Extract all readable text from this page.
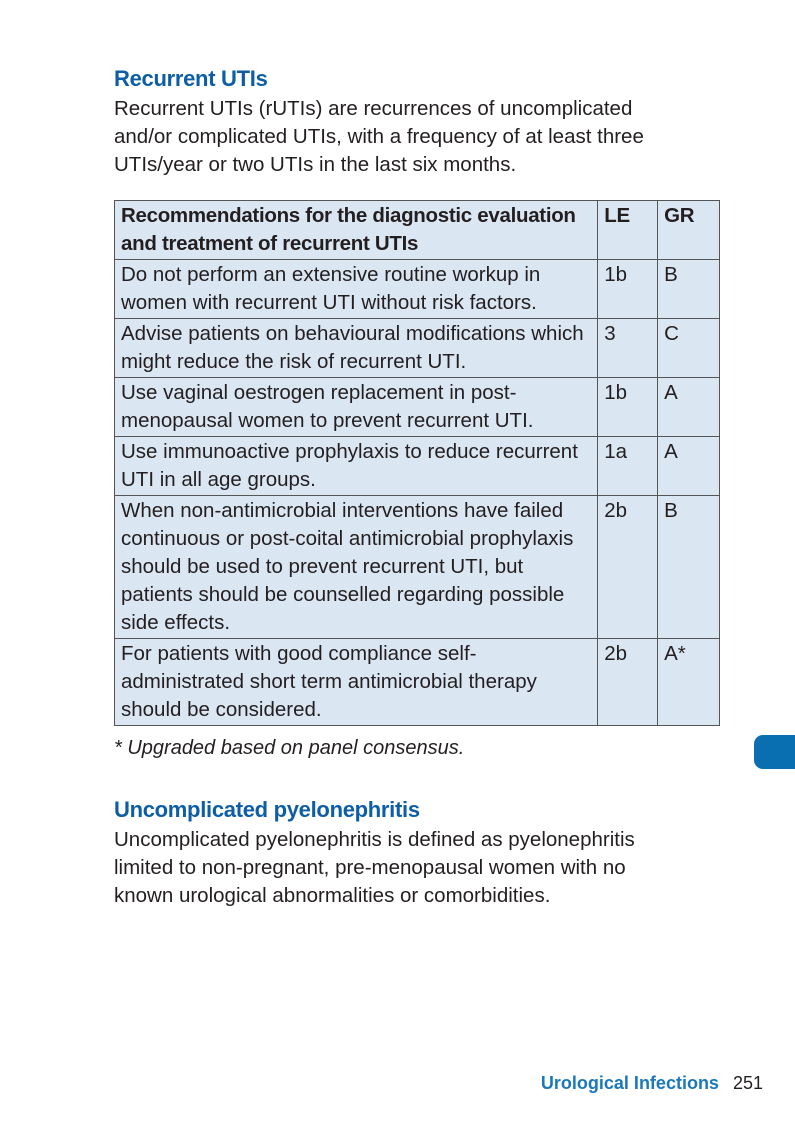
Recurrent UTIs
Recurrent UTIs (rUTIs) are recurrences of uncomplicated
and/or complicated UTIs, with a frequency of at least three
UTIs/year or two UTIs in the last six months.
Recommendations for the diagnostic evaluation and treatment of recurrent UTIs	LE	GR
Do not perform an extensive routine workup in women with recurrent UTI without risk factors.	1b	B
Advise patients on behavioural modifications which might reduce the risk of recurrent UTI.	3	C
Use vaginal oestrogen replacement in post-menopausal women to prevent recurrent UTI.	1b	A
Use immunoactive prophylaxis to reduce recurrent UTI in all age groups.	1a	A
When non-antimicrobial interventions have failed continuous or post-coital antimicrobial prophylaxis should be used to prevent recurrent UTI, but patients should be counselled regarding possible side effects.	2b	B
For patients with good compliance self-administrated short term antimicrobial therapy should be considered.	2b	A*
* Upgraded based on panel consensus.
Uncomplicated pyelonephritis
Uncomplicated pyelonephritis is defined as pyelonephritis
limited to non-pregnant, pre-menopausal women with no
known urological abnormalities or comorbidities.
Urological Infections 251
